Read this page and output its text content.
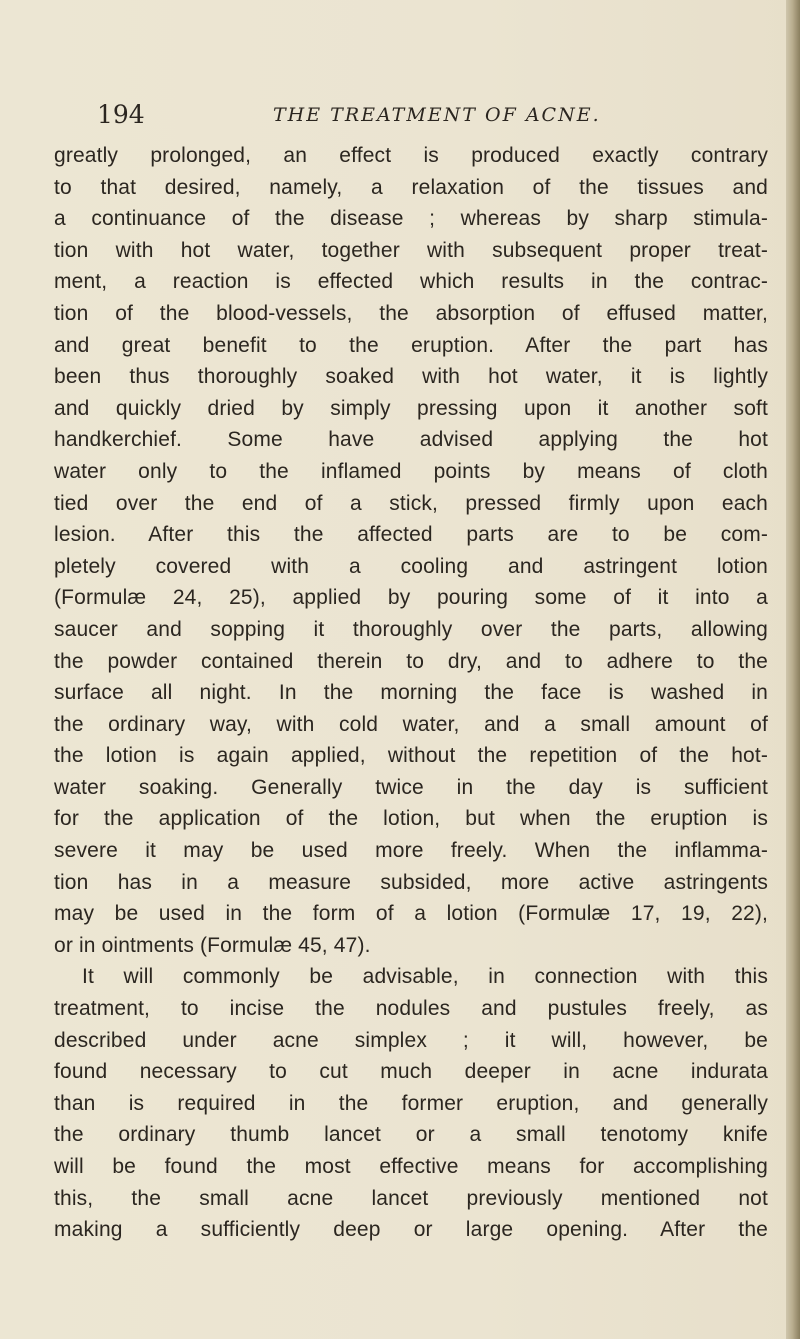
194	THE TREATMENT OF ACNE.
greatly prolonged, an effect is produced exactly contrary
to that desired, namely, a relaxation of the tissues and
a continuance of the disease ; whereas by sharp stimula-
tion with hot water, together with subsequent proper treat-
ment, a reaction is effected which results in the contrac-
tion of the blood-vessels, the absorption of effused matter,
and great benefit to the eruption. After the part has
been thus thoroughly soaked with hot water, it is lightly
and quickly dried by simply pressing upon it another soft
handkerchief. Some have advised applying the hot
water only to the inflamed points by means of cloth
tied over the end of a stick, pressed firmly upon each
lesion. After this the affected parts are to be com-
pletely covered with a cooling and astringent lotion
(Formulæ 24, 25), applied by pouring some of it into a
saucer and sopping it thoroughly over the parts, allowing
the powder contained therein to dry, and to adhere to the
surface all night. In the morning the face is washed in
the ordinary way, with cold water, and a small amount of
the lotion is again applied, without the repetition of the hot-
water soaking. Generally twice in the day is sufficient
for the application of the lotion, but when the eruption is
severe it may be used more freely. When the inflamma-
tion has in a measure subsided, more active astringents
may be used in the form of a lotion (Formulæ 17, 19, 22),
or in ointments (Formulæ 45, 47).
It will commonly be advisable, in connection with this
treatment, to incise the nodules and pustules freely, as
described under acne simplex ; it will, however, be
found necessary to cut much deeper in acne indurata
than is required in the former eruption, and generally
the ordinary thumb lancet or a small tenotomy knife
will be found the most effective means for accomplishing
this, the small acne lancet previously mentioned not
making a sufficiently deep or large opening. After the
